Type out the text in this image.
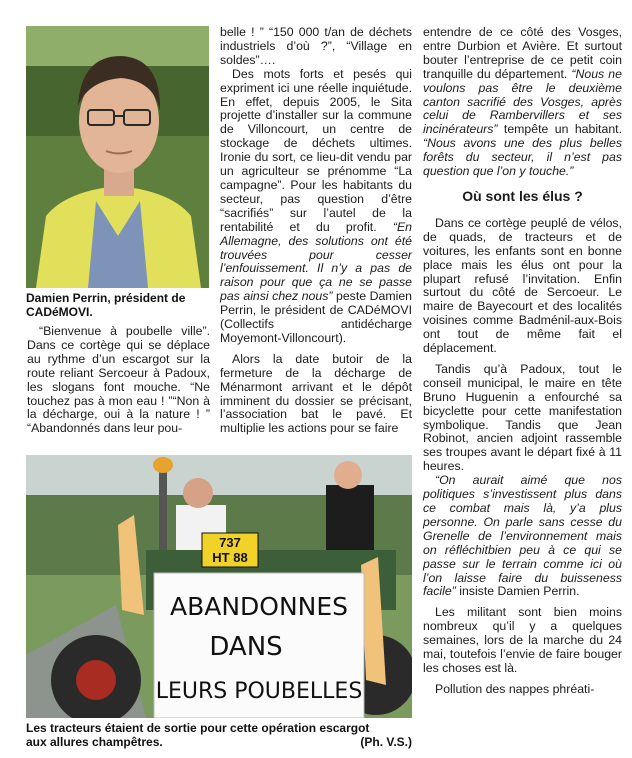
Damien Perrin, président de CADéMOVI.

“Bienvenue à poubelle ville”. Dans ce cortège qui se déplace au rythme d’un escargot sur la route reliant Sercoeur à Padoux, les slogans font mouche. “Ne touchez pas à mon eau ! ”“Non à la décharge, oui à la nature ! ” “Abandonnés dans leur pou-

belle ! ” “150 000 t/an de déchets industriels d’où ?”, “Village en soldes”….

Des mots forts et pesés qui expriment ici une réelle inquiétude. En effet, depuis 2005, le Sita projette d’installer sur la commune de Villoncourt, un centre de stockage de déchets ultimes. Ironie du sort, ce lieu-dit vendu par un agriculteur se prénomme “La campagne”. Pour les habitants du secteur, pas question d’être “sacrifiés” sur l’autel de la rentabilité et du profit. “En Allemagne, des solutions ont été trouvées pour cesser l’enfouissement. Il n’y a pas de raison pour que ça ne se passe pas ainsi chez nous” peste Damien Perrin, le président de CADéMOVI (Collectifs antidécharge Moyemont-Villoncourt).

Alors la date butoir de la fermeture de la décharge de Ménarmont arrivant et le dépôt imminent du dossier se précisant, l’association bat le pavé. Et multiplie les actions pour se faire

entendre de ce côté des Vosges, entre Durbion et Avière. Et surtout bouter l’entreprise de ce petit coin tranquille du département. “Nous ne voulons pas être le deuxième canton sacrifié des Vosges, après celui de Rambervillers et ses incinérateurs” tempête un habitant. “Nous avons une des plus belles forêts du secteur, il n’est pas question que l’on y touche.”

Où sont les élus ?

Dans ce cortège peuplé de vélos, de quads, de tracteurs et de voitures, les enfants sont en bonne place mais les élus ont pour la plupart refusé l’invitation. Enfin surtout du côté de Sercoeur. Le maire de Bayecourt et des localités voisines comme Badménil-aux-Bois ont tout de même fait el déplacement.

Tandis qu’à Padoux, tout le conseil municipal, le maire en tête Bruno Huguenin a enfourché sa bicyclette pour cette manifestation symbolique. Tandis que Jean Robinot, ancien adjoint rassemble ses troupes avant le départ fixé à 11 heures.

“On aurait aimé que nos politiques s’investissent plus dans ce combat mais là, y’a plus personne. On parle sans cesse du Grenelle de l’environnement mais on réfléchitbien peu à ce qui se passe sur le terrain comme ici où l’on laisse faire du buisseness facile” insiste Damien Perrin.

Les militant sont bien moins nombreux qu’il y a quelques semaines, lors de la marche du 24 mai, toutefois l’envie de faire bouger les choses est là.

Pollution des nappes phréati-

737
HT 88
ABANDONNES
DANS
LEURS POUBELLES
Les tracteurs étaient de sortie pour cette opération escargot
aux allures champêtres.	(Ph. V.S.)
